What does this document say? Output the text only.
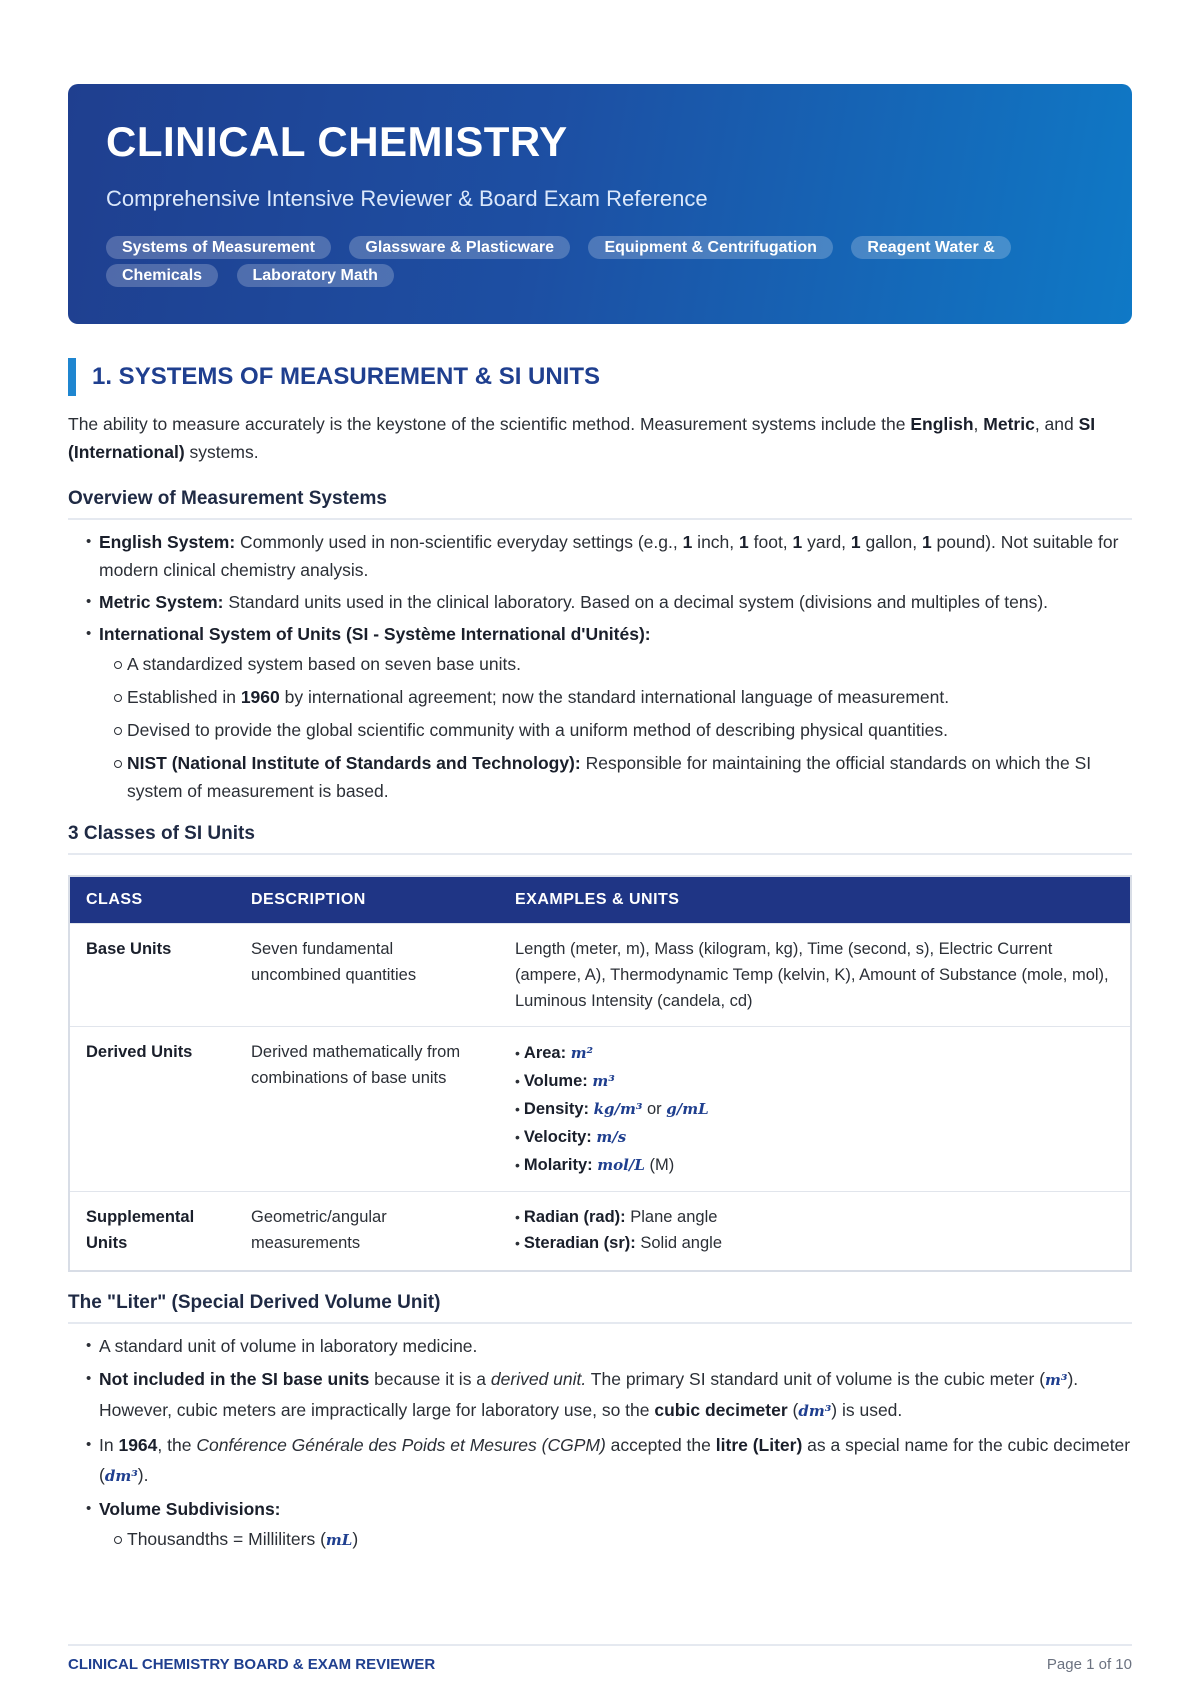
CLINICAL CHEMISTRY
Comprehensive Intensive Reviewer & Board Exam Reference
Systems of Measurement	Glassware & Plasticware	Equipment & Centrifugation	Reagent Water & Chemicals	Laboratory Math
1. SYSTEMS OF MEASUREMENT & SI UNITS

The ability to measure accurately is the keystone of the scientific method. Measurement systems include the English, Metric, and SI (International) systems.

Overview of Measurement Systems
• English System: Commonly used in non-scientific everyday settings (e.g., 1 inch, 1 foot, 1 yard, 1 gallon, 1 pound). Not suitable for modern clinical chemistry analysis.
• Metric System: Standard units used in the clinical laboratory. Based on a decimal system (divisions and multiples of tens).
• International System of Units (SI - Système International d'Unités):
A standardized system based on seven base units.
Established in 1960 by international agreement; now the standard international language of measurement.
Devised to provide the global scientific community with a uniform method of describing physical quantities.
NIST (National Institute of Standards and Technology): Responsible for maintaining the official standards on which the SI system of measurement is based.
3 Classes of SI Units
CLASS	DESCRIPTION	EXAMPLES & UNITS
Base Units	Seven fundamental uncombined quantities	Length (meter, m), Mass (kilogram, kg), Time (second, s), Electric Current (ampere, A), Thermodynamic Temp (kelvin, K), Amount of Substance (mole, mol), Luminous Intensity (candela, cd)
Derived Units	Derived mathematically from combinations of base units	• Area: m²
• Volume: m³
• Density: kg/m³ or g/mL
• Velocity: m/s
• Molarity: mol/L (M)

Supplemental Units	Geometric/angular measurements	• Radian (rad): Plane angle
• Steradian (sr): Solid angle
The "Liter" (Special Derived Volume Unit)
• A standard unit of volume in laboratory medicine.
• Not included in the SI base units because it is a derived unit. The primary SI standard unit of volume is the cubic meter (m³). However, cubic meters are impractically large for laboratory use, so the cubic decimeter (dm³) is used.
• In 1964, the Conférence Générale des Poids et Mesures (CGPM) accepted the litre (Liter) as a special name for the cubic decimeter (dm³).
• Volume Subdivisions:
Thousandths = Milliliters (mL)
CLINICAL CHEMISTRY BOARD & EXAM REVIEWER	Page 1 of 10
